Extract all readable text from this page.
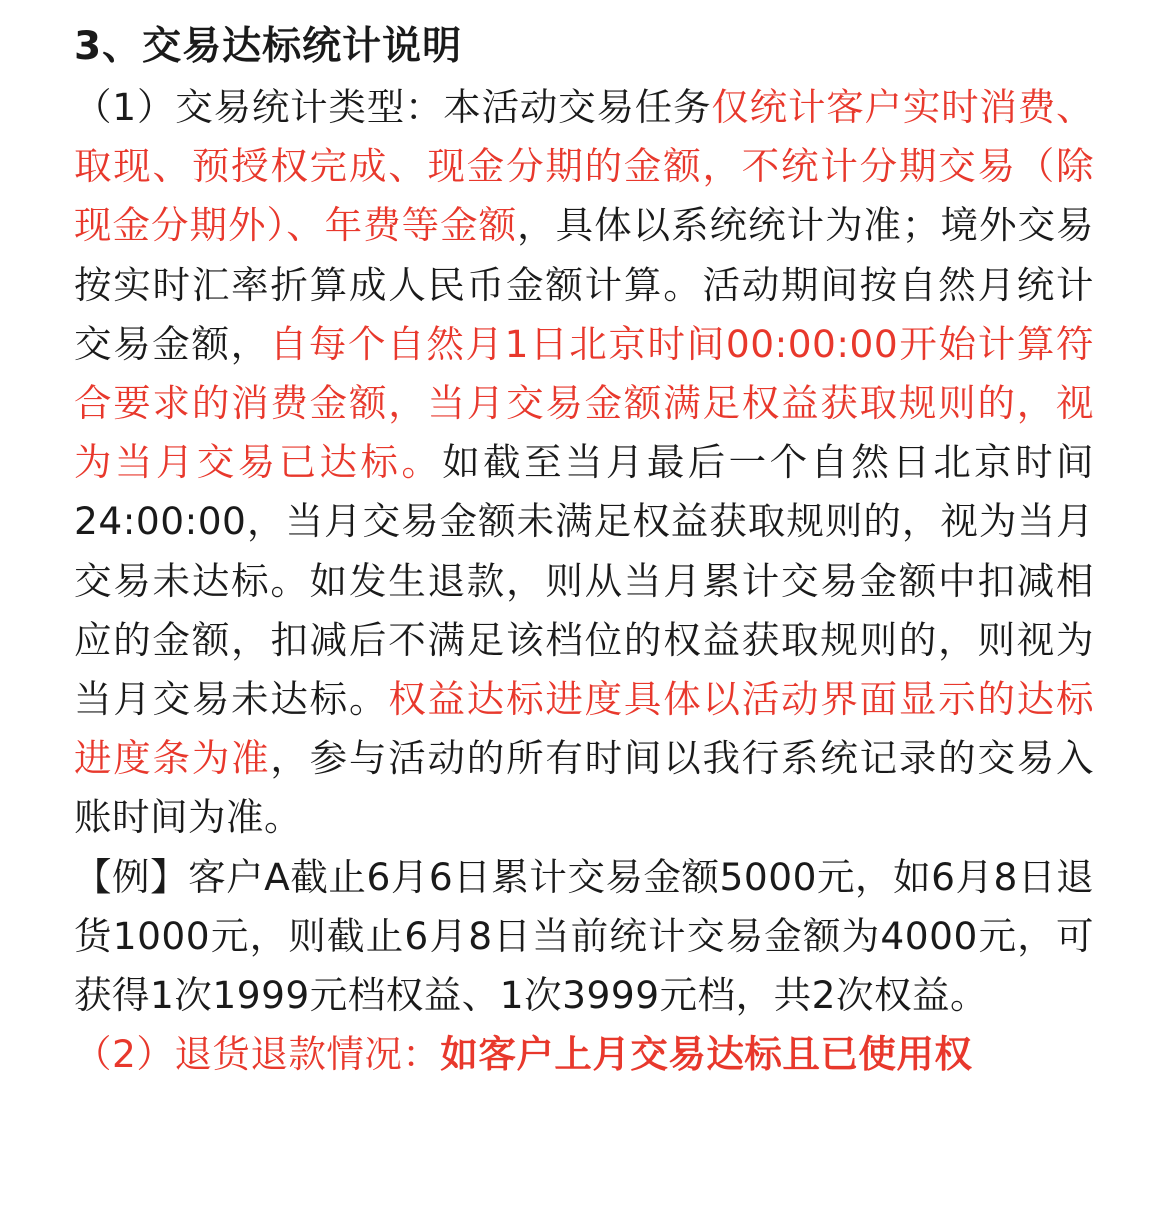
3、交易达标统计说明

（1）交易统计类型：本活动交易任务仅统计客户实时消费、取现、预授权完成、现金分期的金额，不统计分期交易（除现金分期外）、年费等金额，具体以系统统计为准；境外交易按实时汇率折算成人民币金额计算。活动期间按自然月统计交易金额，自每个自然月1日北京时间00:00:00开始计算符合要求的消费金额，当月交易金额满足权益获取规则的，视为当月交易已达标。如截至当月最后一个自然日北京时间24:00:00，当月交易金额未满足权益获取规则的，视为当月交易未达标。如发生退款，则从当月累计交易金额中扣减相应的金额，扣减后不满足该档位的权益获取规则的，则视为当月交易未达标。权益达标进度具体以活动界面显示的达标进度条为准，参与活动的所有时间以我行系统记录的交易入账时间为准。

【例】客户A截止6月6日累计交易金额5000元，如6月8日退货1000元，则截止6月8日当前统计交易金额为4000元，可获得1次1999元档权益、1次3999元档，共2次权益。

（2）退货退款情况：如客户上月交易达标且已使用权
